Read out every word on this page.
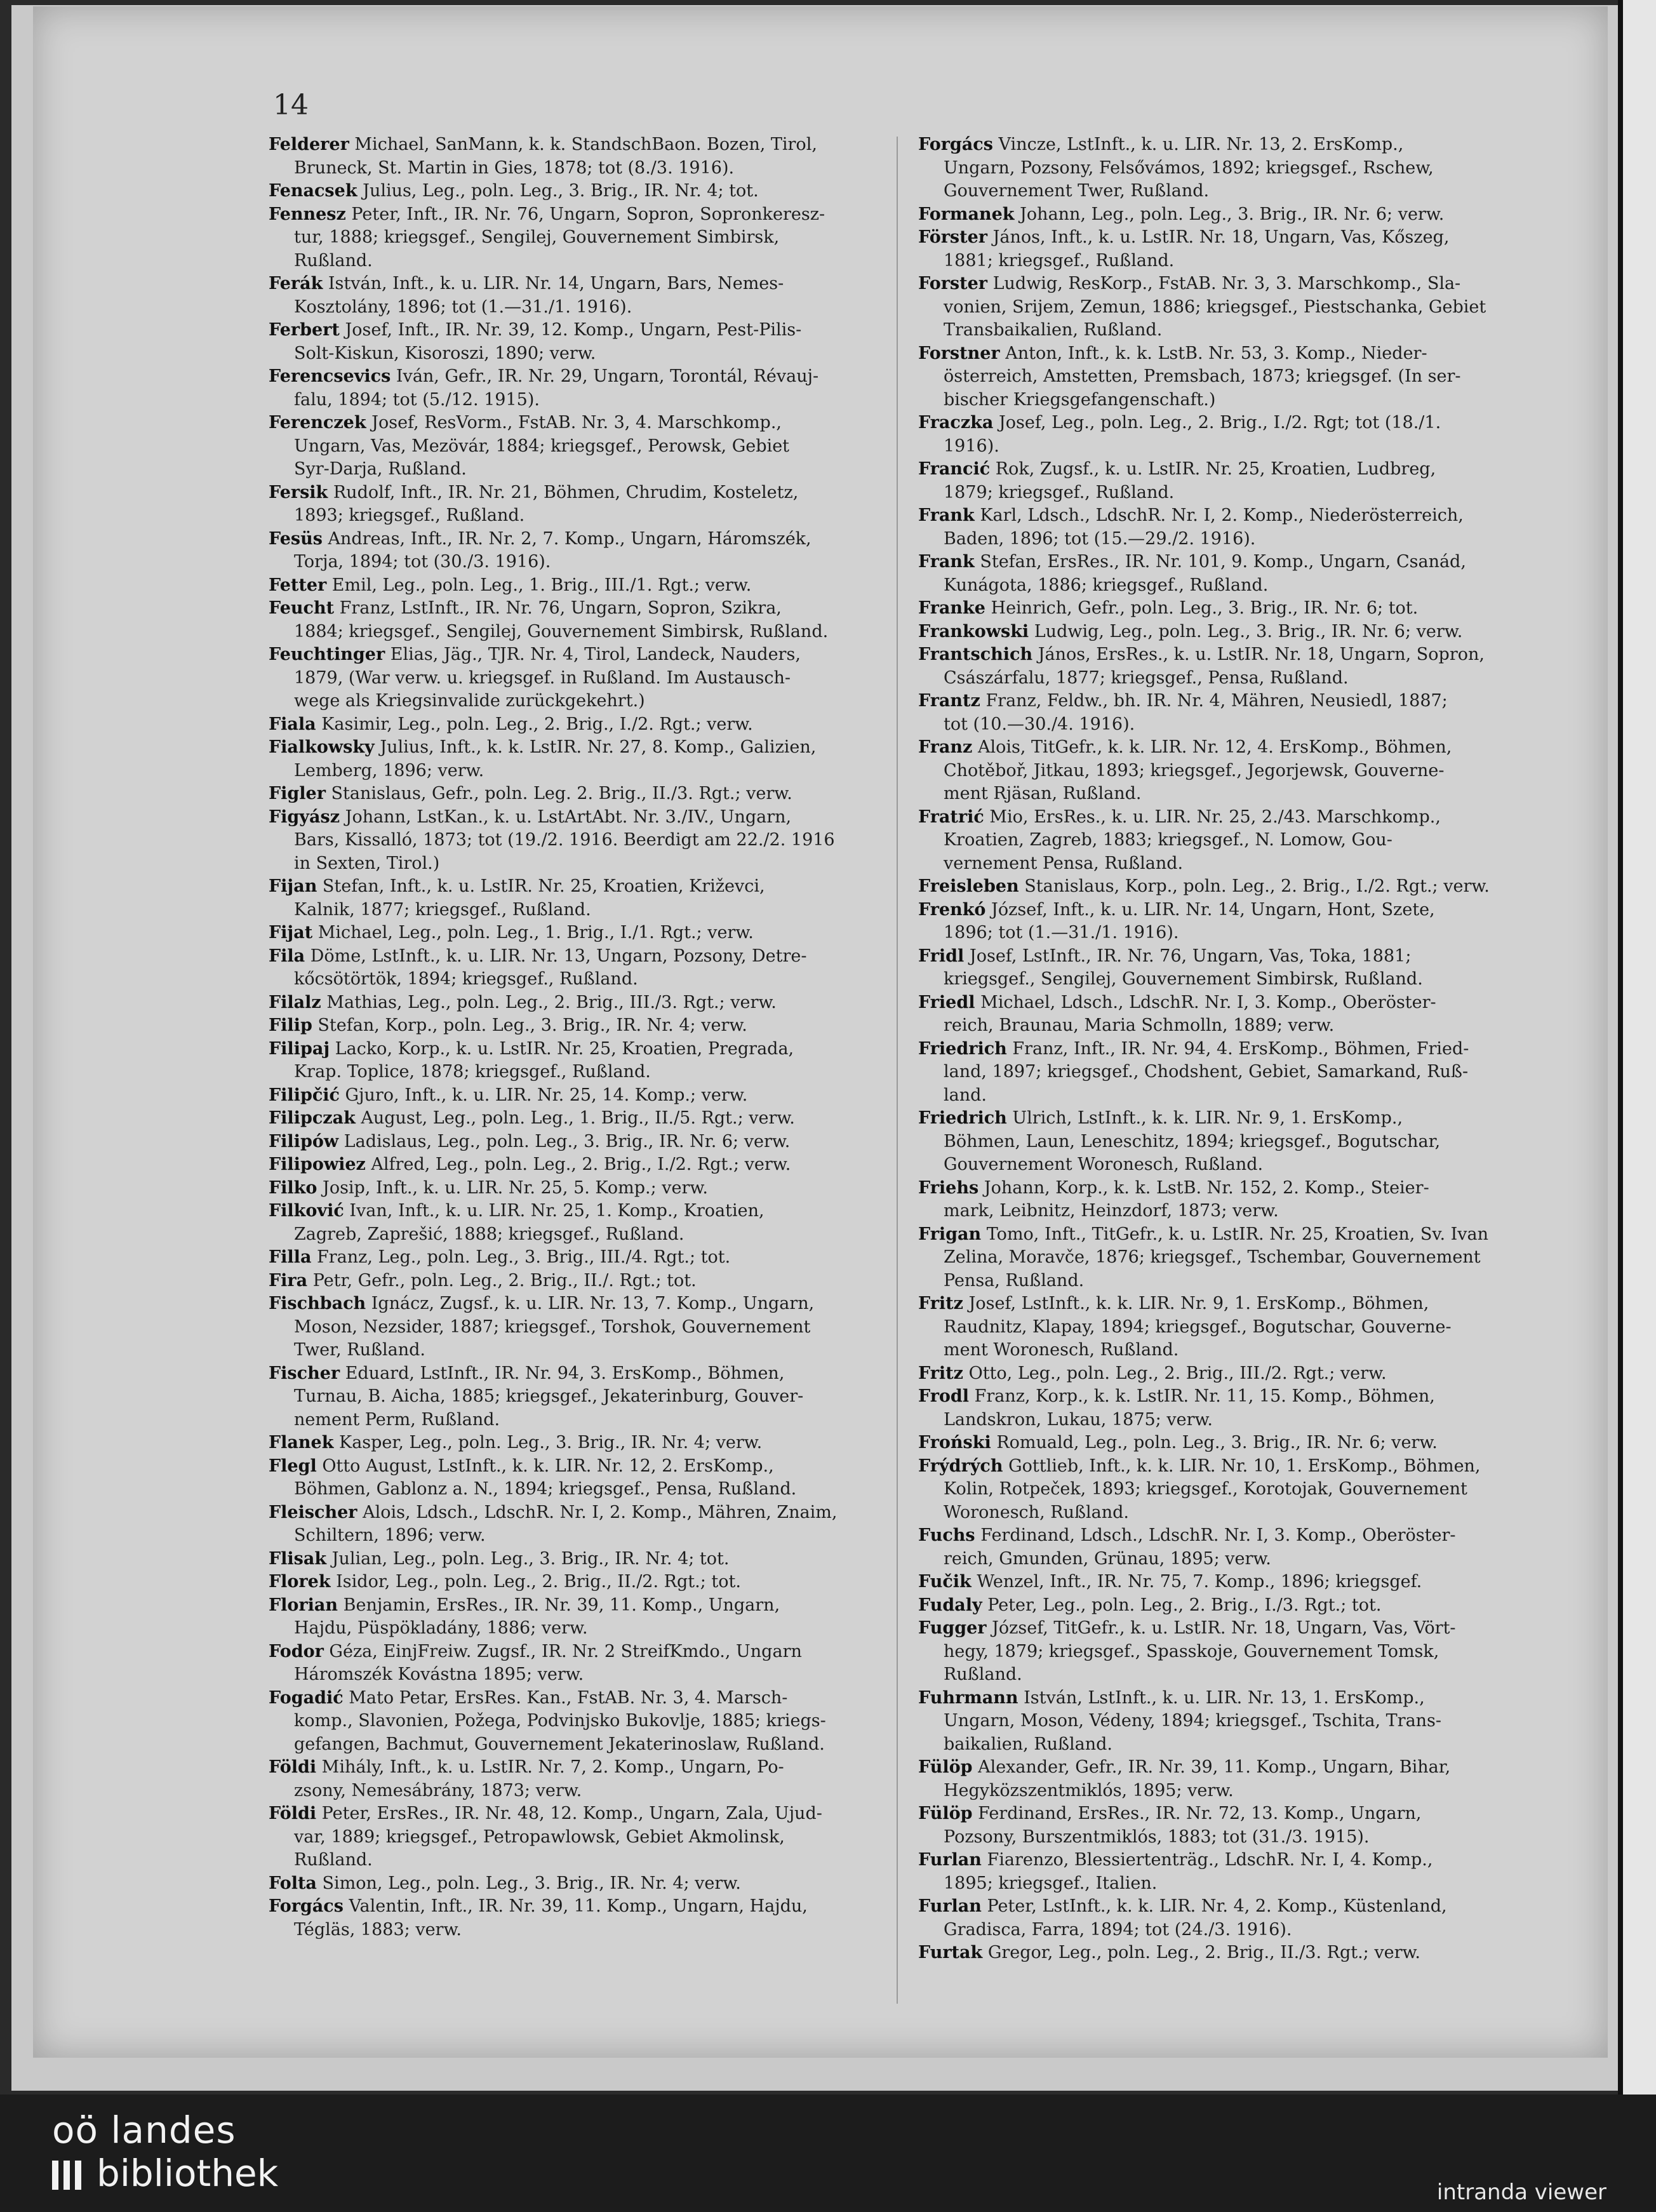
14
Felderer Michael, SanMann, k. k. StandschBaon. Bozen, Tirol,
Bruneck, St. Martin in Gies, 1878; tot (8./3. 1916).
Fenacsek Julius, Leg., poln. Leg., 3. Brig., IR. Nr. 4; tot.
Fennesz Peter, Inft., IR. Nr. 76, Ungarn, Sopron, Sopronkeresz-
tur, 1888; kriegsgef., Sengilej, Gouvernement Simbirsk,
Rußland.
Ferák István, Inft., k. u. LIR. Nr. 14, Ungarn, Bars, Nemes-
Kosztolány, 1896; tot (1.—31./1. 1916).
Ferbert Josef, Inft., IR. Nr. 39, 12. Komp., Ungarn, Pest-Pilis-
Solt-Kiskun, Kisoroszi, 1890; verw.
Ferencsevics Iván, Gefr., IR. Nr. 29, Ungarn, Torontál, Révauj-
falu, 1894; tot (5./12. 1915).
Ferenczek Josef, ResVorm., FstAB. Nr. 3, 4. Marschkomp.,
Ungarn, Vas, Mezövár, 1884; kriegsgef., Perowsk, Gebiet
Syr-Darja, Rußland.
Fersik Rudolf, Inft., IR. Nr. 21, Böhmen, Chrudim, Kosteletz,
1893; kriegsgef., Rußland.
Fesüs Andreas, Inft., IR. Nr. 2, 7. Komp., Ungarn, Háromszék,
Torja, 1894; tot (30./3. 1916).
Fetter Emil, Leg., poln. Leg., 1. Brig., III./1. Rgt.; verw.
Feucht Franz, LstInft., IR. Nr. 76, Ungarn, Sopron, Szikra,
1884; kriegsgef., Sengilej, Gouvernement Simbirsk, Rußland.
Feuchtinger Elias, Jäg., TJR. Nr. 4, Tirol, Landeck, Nauders,
1879, (War verw. u. kriegsgef. in Rußland. Im Austausch-
wege als Kriegsinvalide zurückgekehrt.)
Fiala Kasimir, Leg., poln. Leg., 2. Brig., I./2. Rgt.; verw.
Fialkowsky Julius, Inft., k. k. LstIR. Nr. 27, 8. Komp., Galizien,
Lemberg, 1896; verw.
Figler Stanislaus, Gefr., poln. Leg. 2. Brig., II./3. Rgt.; verw.
Figyász Johann, LstKan., k. u. LstArtAbt. Nr. 3./IV., Ungarn,
Bars, Kissalló, 1873; tot (19./2. 1916. Beerdigt am 22./2. 1916
in Sexten, Tirol.)
Fijan Stefan, Inft., k. u. LstIR. Nr. 25, Kroatien, Križevci,
Kalnik, 1877; kriegsgef., Rußland.
Fijat Michael, Leg., poln. Leg., 1. Brig., I./1. Rgt.; verw.
Fila Döme, LstInft., k. u. LIR. Nr. 13, Ungarn, Pozsony, Detre-
kőcsötörtök, 1894; kriegsgef., Rußland.
Filalz Mathias, Leg., poln. Leg., 2. Brig., III./3. Rgt.; verw.
Filip Stefan, Korp., poln. Leg., 3. Brig., IR. Nr. 4; verw.
Filipaj Lacko, Korp., k. u. LstIR. Nr. 25, Kroatien, Pregrada,
Krap. Toplice, 1878; kriegsgef., Rußland.
Filipčić Gjuro, Inft., k. u. LIR. Nr. 25, 14. Komp.; verw.
Filipczak August, Leg., poln. Leg., 1. Brig., II./5. Rgt.; verw.
Filipów Ladislaus, Leg., poln. Leg., 3. Brig., IR. Nr. 6; verw.
Filipowiez Alfred, Leg., poln. Leg., 2. Brig., I./2. Rgt.; verw.
Filko Josip, Inft., k. u. LIR. Nr. 25, 5. Komp.; verw.
Filković Ivan, Inft., k. u. LIR. Nr. 25, 1. Komp., Kroatien,
Zagreb, Zaprešić, 1888; kriegsgef., Rußland.
Filla Franz, Leg., poln. Leg., 3. Brig., III./4. Rgt.; tot.
Fira Petr, Gefr., poln. Leg., 2. Brig., II./. Rgt.; tot.
Fischbach Ignácz, Zugsf., k. u. LIR. Nr. 13, 7. Komp., Ungarn,
Moson, Nezsider, 1887; kriegsgef., Torshok, Gouvernement
Twer, Rußland.
Fischer Eduard, LstInft., IR. Nr. 94, 3. ErsKomp., Böhmen,
Turnau, B. Aicha, 1885; kriegsgef., Jekaterinburg, Gouver-
nement Perm, Rußland.
Flanek Kasper, Leg., poln. Leg., 3. Brig., IR. Nr. 4; verw.
Flegl Otto August, LstInft., k. k. LIR. Nr. 12, 2. ErsKomp.,
Böhmen, Gablonz a. N., 1894; kriegsgef., Pensa, Rußland.
Fleischer Alois, Ldsch., LdschR. Nr. I, 2. Komp., Mähren, Znaim,
Schiltern, 1896; verw.
Flisak Julian, Leg., poln. Leg., 3. Brig., IR. Nr. 4; tot.
Florek Isidor, Leg., poln. Leg., 2. Brig., II./2. Rgt.; tot.
Florian Benjamin, ErsRes., IR. Nr. 39, 11. Komp., Ungarn,
Hajdu, Püspökladány, 1886; verw.
Fodor Géza, EinjFreiw. Zugsf., IR. Nr. 2 StreifKmdo., Ungarn
Háromszék Kovástna 1895; verw.
Fogadić Mato Petar, ErsRes. Kan., FstAB. Nr. 3, 4. Marsch-
komp., Slavonien, Požega, Podvinjsko Bukovlje, 1885; kriegs-
gefangen, Bachmut, Gouvernement Jekaterinoslaw, Rußland.
Földi Mihály, Inft., k. u. LstIR. Nr. 7, 2. Komp., Ungarn, Po-
zsony, Nemesábrány, 1873; verw.
Földi Peter, ErsRes., IR. Nr. 48, 12. Komp., Ungarn, Zala, Ujud-
var, 1889; kriegsgef., Petropawlowsk, Gebiet Akmolinsk,
Rußland.
Folta Simon, Leg., poln. Leg., 3. Brig., IR. Nr. 4; verw.
Forgács Valentin, Inft., IR. Nr. 39, 11. Komp., Ungarn, Hajdu,
Tégläs, 1883; verw.
Forgács Vincze, LstInft., k. u. LIR. Nr. 13, 2. ErsKomp.,
Ungarn, Pozsony, Felsővámos, 1892; kriegsgef., Rschew,
Gouvernement Twer, Rußland.
Formanek Johann, Leg., poln. Leg., 3. Brig., IR. Nr. 6; verw.
Förster János, Inft., k. u. LstIR. Nr. 18, Ungarn, Vas, Kőszeg,
1881; kriegsgef., Rußland.
Forster Ludwig, ResKorp., FstAB. Nr. 3, 3. Marschkomp., Sla-
vonien, Srijem, Zemun, 1886; kriegsgef., Piestschanka, Gebiet
Transbaikalien, Rußland.
Forstner Anton, Inft., k. k. LstB. Nr. 53, 3. Komp., Nieder-
österreich, Amstetten, Premsbach, 1873; kriegsgef. (In ser-
bischer Kriegsgefangenschaft.)
Fraczka Josef, Leg., poln. Leg., 2. Brig., I./2. Rgt; tot (18./1.
1916).
Francić Rok, Zugsf., k. u. LstIR. Nr. 25, Kroatien, Ludbreg,
1879; kriegsgef., Rußland.
Frank Karl, Ldsch., LdschR. Nr. I, 2. Komp., Niederösterreich,
Baden, 1896; tot (15.—29./2. 1916).
Frank Stefan, ErsRes., IR. Nr. 101, 9. Komp., Ungarn, Csanád,
Kunágota, 1886; kriegsgef., Rußland.
Franke Heinrich, Gefr., poln. Leg., 3. Brig., IR. Nr. 6; tot.
Frankowski Ludwig, Leg., poln. Leg., 3. Brig., IR. Nr. 6; verw.
Frantschich János, ErsRes., k. u. LstIR. Nr. 18, Ungarn, Sopron,
Császárfalu, 1877; kriegsgef., Pensa, Rußland.
Frantz Franz, Feldw., bh. IR. Nr. 4, Mähren, Neusiedl, 1887;
tot (10.—30./4. 1916).
Franz Alois, TitGefr., k. k. LIR. Nr. 12, 4. ErsKomp., Böhmen,
Chotěboř, Jitkau, 1893; kriegsgef., Jegorjewsk, Gouverne-
ment Rjäsan, Rußland.
Fratrić Mio, ErsRes., k. u. LIR. Nr. 25, 2./43. Marschkomp.,
Kroatien, Zagreb, 1883; kriegsgef., N. Lomow, Gou-
vernement Pensa, Rußland.
Freisleben Stanislaus, Korp., poln. Leg., 2. Brig., I./2. Rgt.; verw.
Frenkó József, Inft., k. u. LIR. Nr. 14, Ungarn, Hont, Szete,
1896; tot (1.—31./1. 1916).
Fridl Josef, LstInft., IR. Nr. 76, Ungarn, Vas, Toka, 1881;
kriegsgef., Sengilej, Gouvernement Simbirsk, Rußland.
Friedl Michael, Ldsch., LdschR. Nr. I, 3. Komp., Oberöster-
reich, Braunau, Maria Schmolln, 1889; verw.
Friedrich Franz, Inft., IR. Nr. 94, 4. ErsKomp., Böhmen, Fried-
land, 1897; kriegsgef., Chodshent, Gebiet, Samarkand, Ruß-
land.
Friedrich Ulrich, LstInft., k. k. LIR. Nr. 9, 1. ErsKomp.,
Böhmen, Laun, Leneschitz, 1894; kriegsgef., Bogutschar,
Gouvernement Woronesch, Rußland.
Friehs Johann, Korp., k. k. LstB. Nr. 152, 2. Komp., Steier-
mark, Leibnitz, Heinzdorf, 1873; verw.
Frigan Tomo, Inft., TitGefr., k. u. LstIR. Nr. 25, Kroatien, Sv. Ivan
Zelina, Moravče, 1876; kriegsgef., Tschembar, Gouvernement
Pensa, Rußland.
Fritz Josef, LstInft., k. k. LIR. Nr. 9, 1. ErsKomp., Böhmen,
Raudnitz, Klapay, 1894; kriegsgef., Bogutschar, Gouverne-
ment Woronesch, Rußland.
Fritz Otto, Leg., poln. Leg., 2. Brig., III./2. Rgt.; verw.
Frodl Franz, Korp., k. k. LstIR. Nr. 11, 15. Komp., Böhmen,
Landskron, Lukau, 1875; verw.
Froński Romuald, Leg., poln. Leg., 3. Brig., IR. Nr. 6; verw.
Frýdrých Gottlieb, Inft., k. k. LIR. Nr. 10, 1. ErsKomp., Böhmen,
Kolin, Rotpeček, 1893; kriegsgef., Korotojak, Gouvernement
Woronesch, Rußland.
Fuchs Ferdinand, Ldsch., LdschR. Nr. I, 3. Komp., Oberöster-
reich, Gmunden, Grünau, 1895; verw.
Fučik Wenzel, Inft., IR. Nr. 75, 7. Komp., 1896; kriegsgef.
Fudaly Peter, Leg., poln. Leg., 2. Brig., I./3. Rgt.; tot.
Fugger József, TitGefr., k. u. LstIR. Nr. 18, Ungarn, Vas, Vört-
hegy, 1879; kriegsgef., Spasskoje, Gouvernement Tomsk,
Rußland.
Fuhrmann István, LstInft., k. u. LIR. Nr. 13, 1. ErsKomp.,
Ungarn, Moson, Védeny, 1894; kriegsgef., Tschita, Trans-
baikalien, Rußland.
Fülöp Alexander, Gefr., IR. Nr. 39, 11. Komp., Ungarn, Bihar,
Hegyközszentmiklós, 1895; verw.
Fülöp Ferdinand, ErsRes., IR. Nr. 72, 13. Komp., Ungarn,
Pozsony, Burszentmiklós, 1883; tot (31./3. 1915).
Furlan Fiarenzo, Blessiertenträg., LdschR. Nr. I, 4. Komp.,
1895; kriegsgef., Italien.
Furlan Peter, LstInft., k. k. LIR. Nr. 4, 2. Komp., Küstenland,
Gradisca, Farra, 1894; tot (24./3. 1916).
Furtak Gregor, Leg., poln. Leg., 2. Brig., II./3. Rgt.; verw.
oö landes
bibliothek	intranda viewer
